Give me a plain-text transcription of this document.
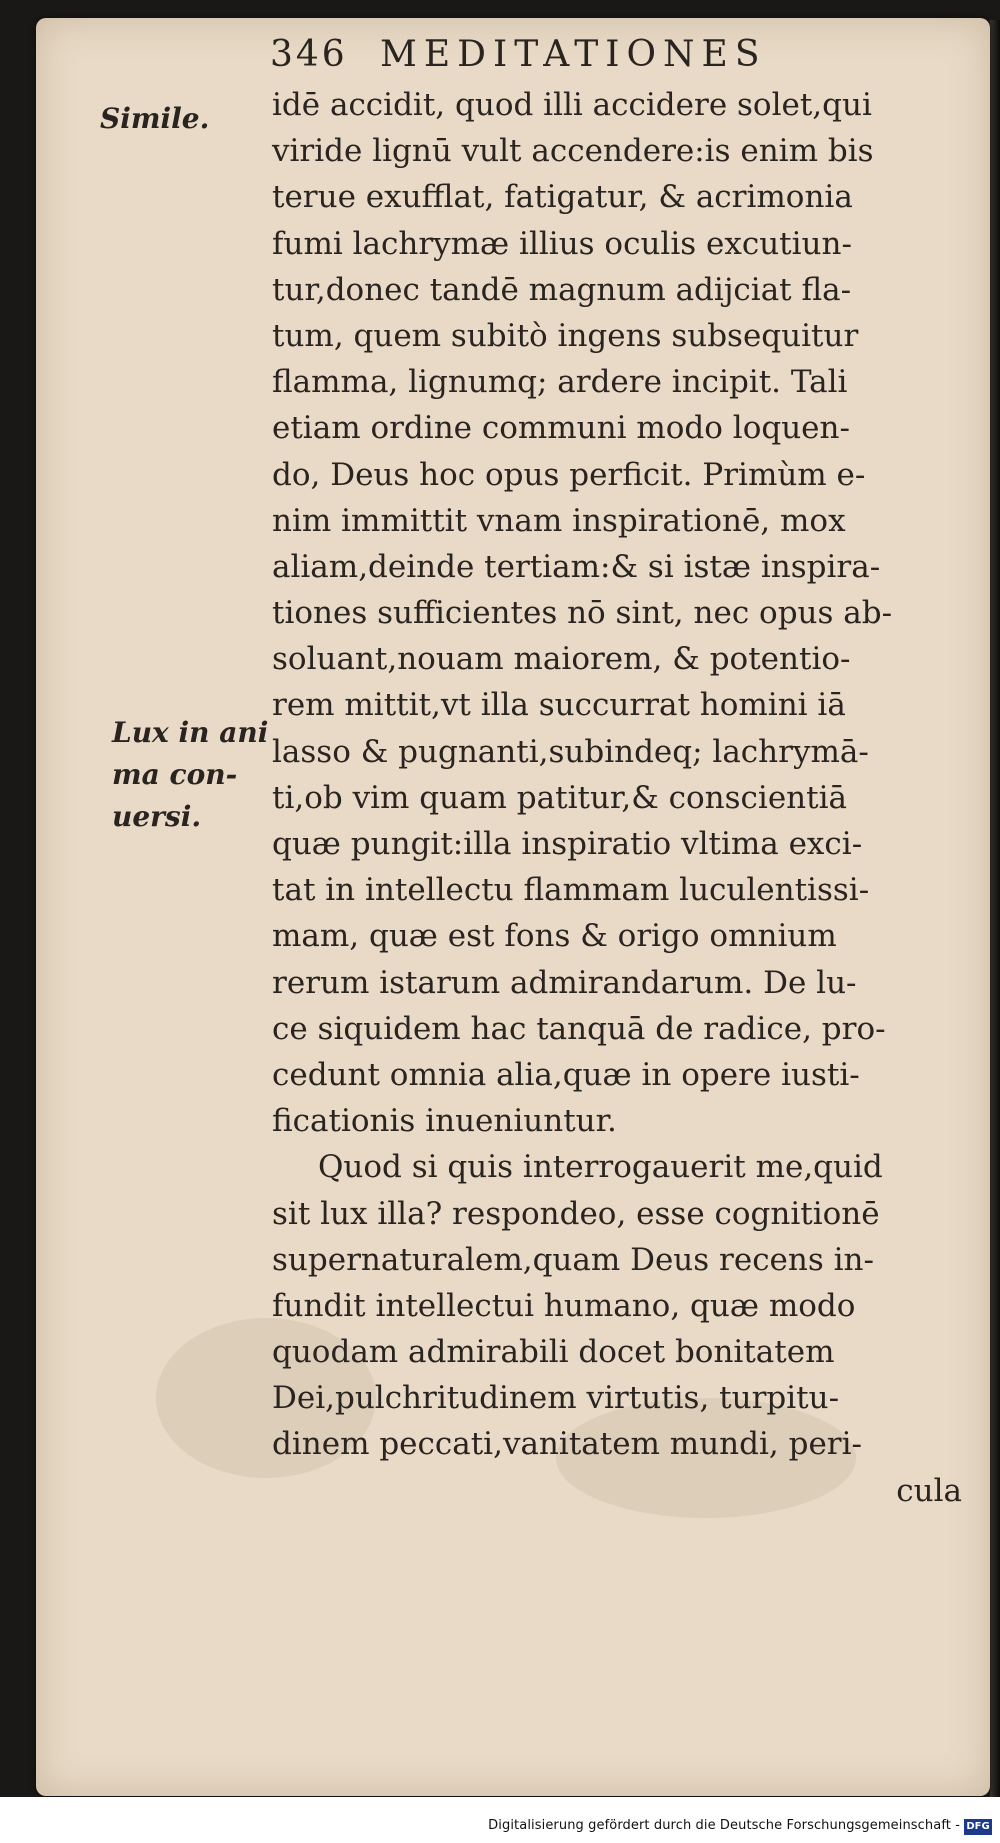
346 MEDITATIONES
Simile.
Lux in ani
ma con-
uersi.
idē accidit, quod illi accidere solet,qui
viride lignū vult accendere:is enim bis
terue exufflat, fatigatur, & acrimonia
fumi lachrymæ illius oculis excutiun-
tur,donec tandē magnum adijciat fla-
tum, quem subitò ingens subsequitur
flamma, lignumq; ardere incipit. Tali
etiam ordine communi modo loquen-
do, Deus hoc opus perficit. Primùm e-
nim immittit vnam inspirationē, mox
aliam,deinde tertiam:& si istæ inspira-
tiones sufficientes nō sint, nec opus ab-
soluant,nouam maiorem, & potentio-
rem mittit,vt illa succurrat homini iā
lasso & pugnanti,subindeq; lachrymā-
ti,ob vim quam patitur,& conscientiā
quæ pungit:illa inspiratio vltima exci-
tat in intellectu flammam luculentissi-
mam, quæ est fons & origo omnium
rerum istarum admirandarum. De lu-
ce siquidem hac tanquā de radice, pro-
cedunt omnia alia,quæ in opere iusti-
ficationis inueniuntur.
Quod si quis interrogauerit me,quid
sit lux illa? respondeo, esse cognitionē
supernaturalem,quam Deus recens in-
fundit intellectui humano, quæ modo
quodam admirabili docet bonitatem
Dei,pulchritudinem virtutis, turpitu-
dinem peccati,vanitatem mundi, peri-
cula
Digitalisierung gefördert durch die Deutsche Forschungsgemeinschaft - DFG
